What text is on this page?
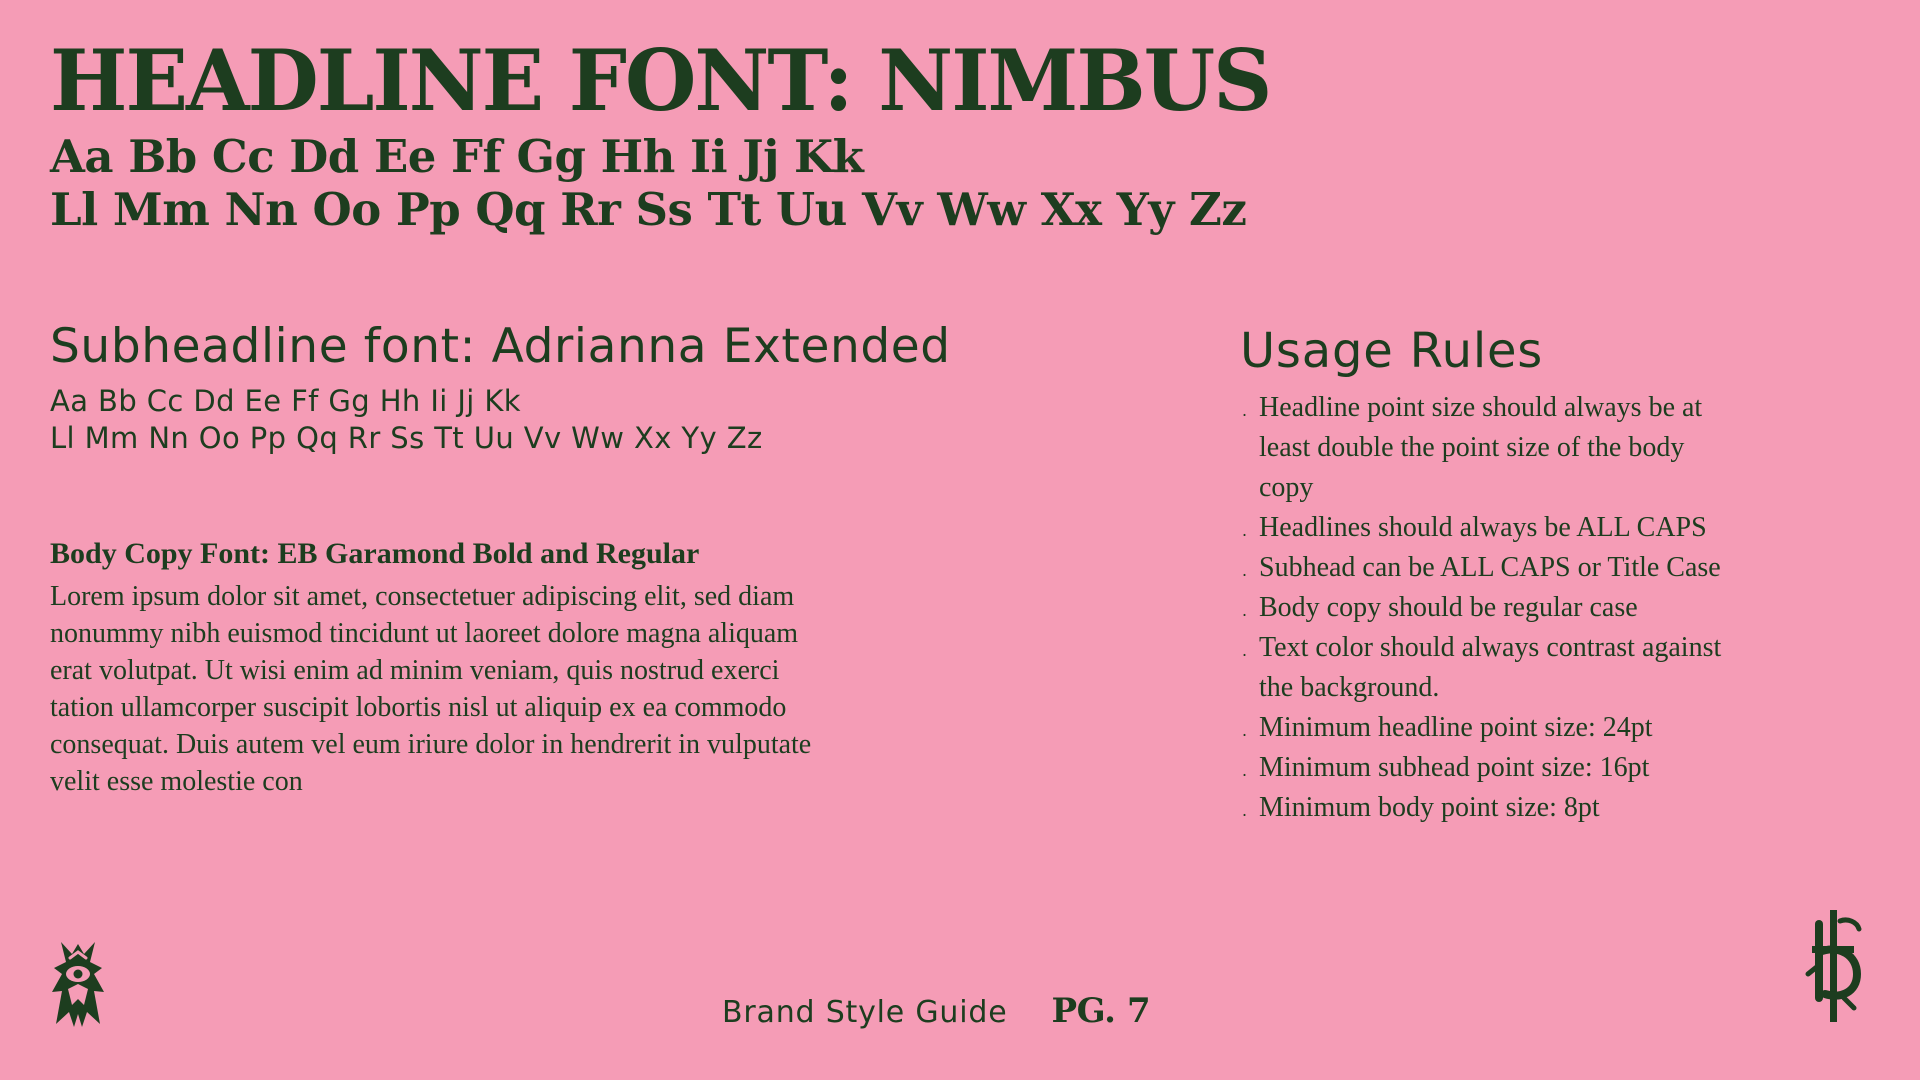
HEADLINE FONT: NIMBUS
Aa Bb Cc Dd Ee Ff Gg Hh Ii Jj Kk
Ll Mm Nn Oo Pp Qq Rr Ss Tt Uu Vv Ww Xx Yy Zz
Subheadline font: Adrianna Extended
Aa Bb Cc Dd Ee Ff Gg Hh Ii Jj Kk
Ll Mm Nn Oo Pp Qq Rr Ss Tt Uu Vv Ww Xx Yy Zz
Body Copy Font: EB Garamond Bold and Regular
Lorem ipsum dolor sit amet, consectetuer adipiscing elit, sed diam
nonummy nibh euismod tincidunt ut laoreet dolore magna aliquam
erat volutpat. Ut wisi enim ad minim veniam, quis nostrud exerci
tation ullamcorper suscipit lobortis nisl ut aliquip ex ea commodo
consequat. Duis autem vel eum iriure dolor in hendrerit in vulputate
velit esse molestie con
Usage Rules
· Headline point size should always be at
least double the point size of the body
copy
· Headlines should always be ALL CAPS
· Subhead can be ALL CAPS or Title Case
· Body copy should be regular case
· Text color should always contrast against
the background.
· Minimum headline point size: 24pt
· Minimum subhead point size: 16pt
· Minimum body point size: 8pt
Brand Style Guide PG. 7
